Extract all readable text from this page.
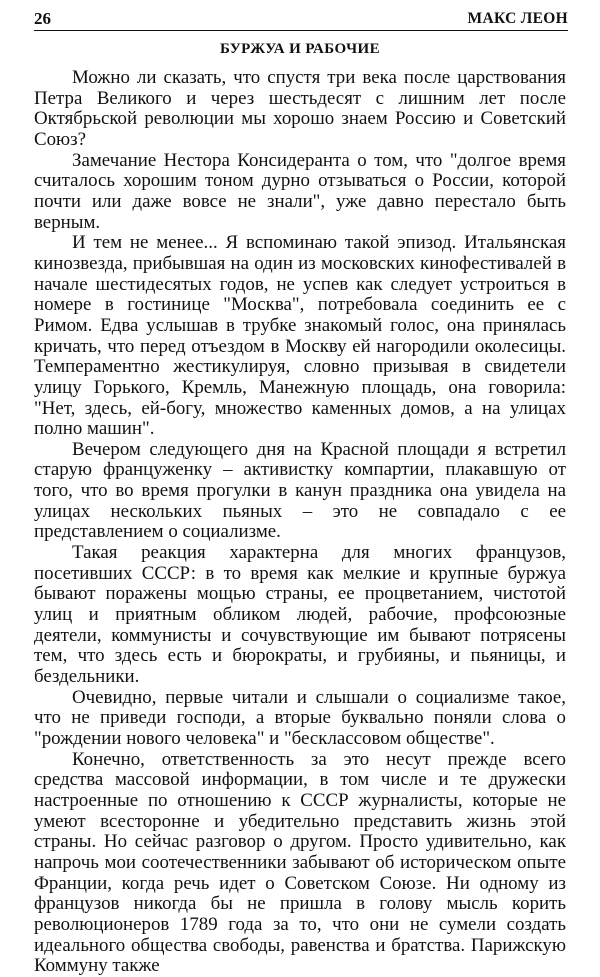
26	МАКС ЛЕОН
БУРЖУА И РАБОЧИЕ

Можно ли сказать, что спустя три века после царствования Петра Великого и через шестьдесят с лишним лет после Октябрьской революции мы хорошо знаем Россию и Советский Союз?

Замечание Нестора Консидеранта о том, что "долгое время считалось хорошим тоном дурно отзываться о России, которой почти или даже вовсе не знали", уже давно перестало быть верным.

И тем не менее... Я вспоминаю такой эпизод. Итальянская кинозвезда, прибывшая на один из московских кинофестивалей в начале шестидесятых годов, не успев как следует устроиться в номере в гостинице "Москва", потребовала соединить ее с Римом. Едва услышав в трубке знакомый голос, она принялась кричать, что перед отъездом в Москву ей нагородили околесицы. Темпераментно жестикулируя, словно призывая в свидетели улицу Горького, Кремль, Манежную площадь, она говорила: "Нет, здесь, ей-богу, множество каменных домов, а на улицах полно машин".

Вечером следующего дня на Красной площади я встретил старую француженку – активистку компартии, плакавшую от того, что во время прогулки в канун праздника она увидела на улицах нескольких пьяных – это не совпадало с ее представлением о социализме.

Такая реакция характерна для многих французов, посетивших СССР: в то время как мелкие и крупные буржуа бывают поражены мощью страны, ее процветанием, чистотой улиц и приятным обликом людей, рабочие, профсоюзные деятели, коммунисты и сочувствующие им бывают потрясены тем, что здесь есть и бюрократы, и грубияны, и пьяницы, и бездельники.

Очевидно, первые читали и слышали о социализме такое, что не приведи господи, а вторые буквально поняли слова о "рождении нового человека" и "бесклассовом обществе".

Конечно, ответственность за это несут прежде всего средства массовой информации, в том числе и те дружески настроенные по отношению к СССР журналисты, которые не умеют всесторонне и убедительно представить жизнь этой страны. Но сейчас разговор о другом. Просто удивительно, как напрочь мои соотечественники забывают об историческом опыте Франции, когда речь идет о Советском Союзе. Ни одному из французов никогда бы не пришла в голову мысль корить революционеров 1789 года за то, что они не сумели создать идеального общества свободы, равенства и братства. Парижскую Коммуну также
